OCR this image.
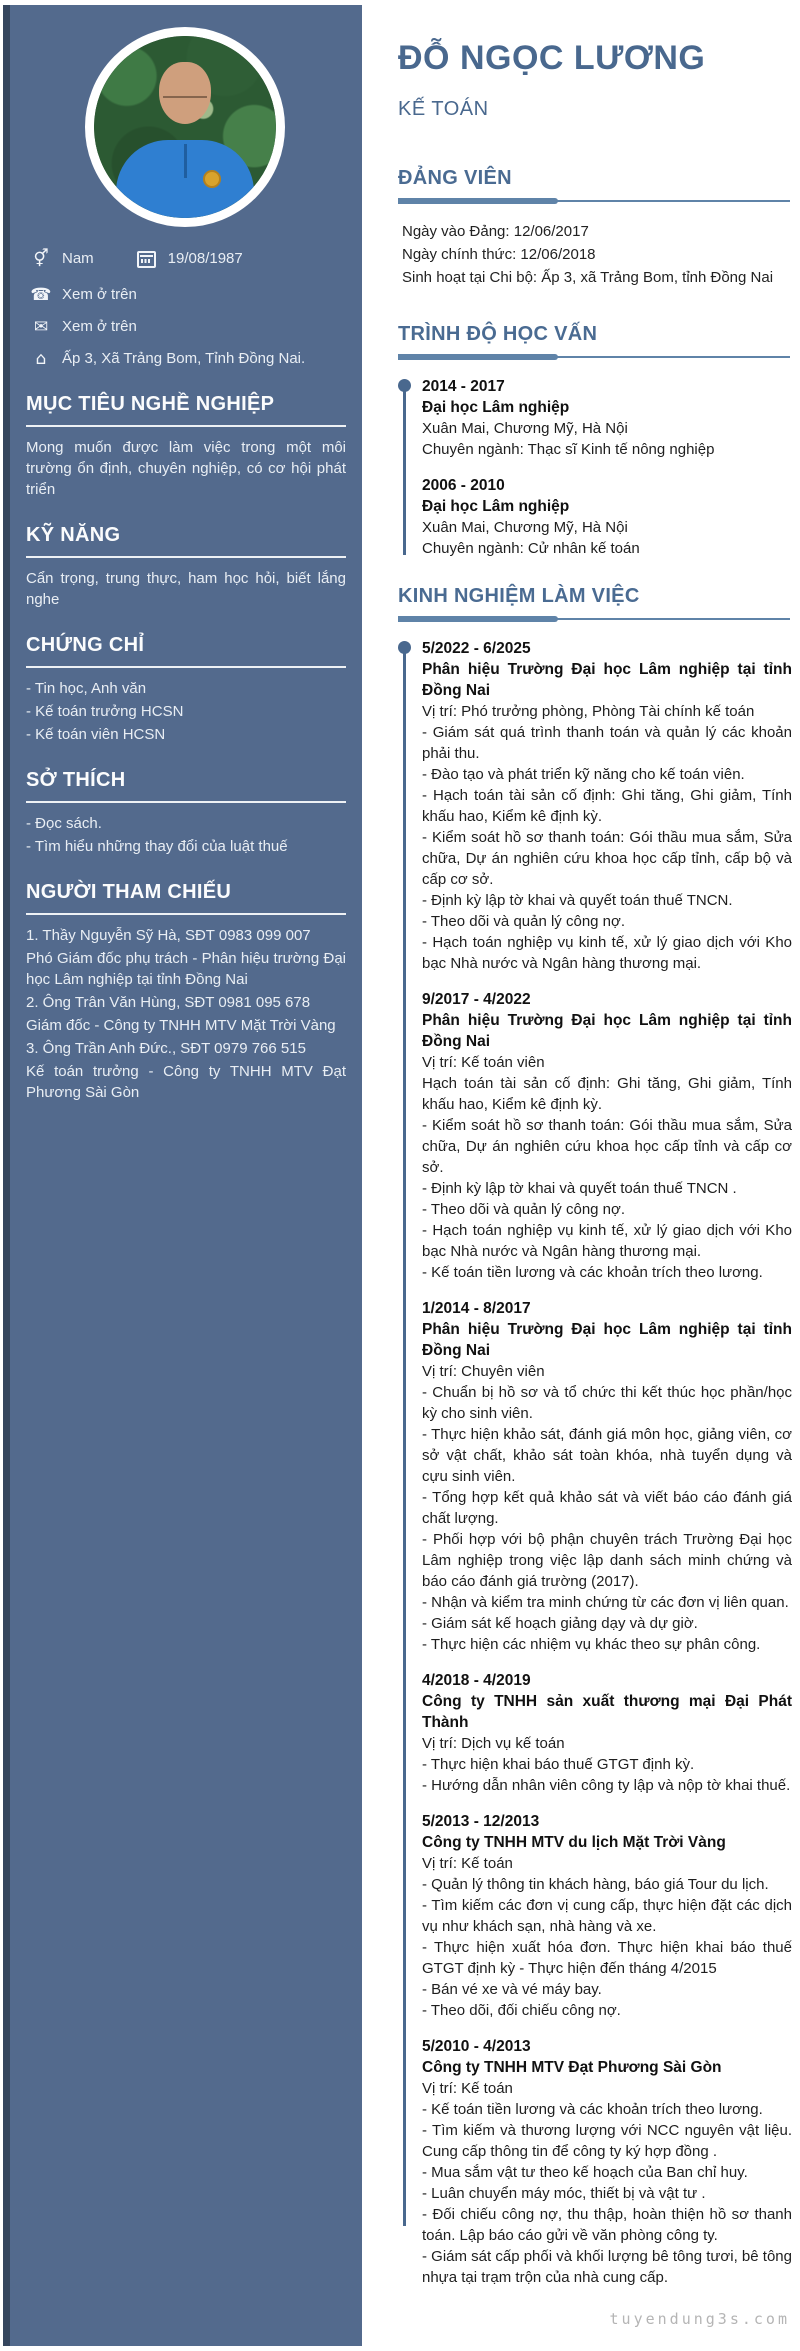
⚥ Nam	19/08/1987
☎ Xem ở trên
✉ Xem ở trên
⌂	Ấp 3, Xã Trảng Bom, Tỉnh Đồng Nai.
MỤC TIÊU NGHỀ NGHIỆP

Mong muốn được làm việc trong một môi trường ổn định, chuyên nghiệp, có cơ hội phát triển

KỸ NĂNG

Cẩn trọng, trung thực, ham học hỏi, biết lắng nghe

CHỨNG CHỈ

- Tin học, Anh văn

- Kế toán trưởng HCSN

- Kế toán viên HCSN

SỞ THÍCH

- Đọc sách.

- Tìm hiểu những thay đổi của luật thuế

NGƯỜI THAM CHIẾU

1. Thầy Nguyễn Sỹ Hà, SĐT 0983 099 007

Phó Giám đốc phụ trách - Phân hiệu trường Đại học Lâm nghiệp tại tỉnh Đồng Nai

2. Ông Trân Văn Hùng, SĐT 0981 095 678

Giám đốc - Công ty TNHH MTV Mặt Trời Vàng

3. Ông Trần Anh Đức., SĐT 0979 766 515

Kế toán trưởng - Công ty TNHH MTV Đạt Phương Sài Gòn

ĐỖ NGỌC LƯƠNG
KẾ TOÁN
ĐẢNG VIÊN

Ngày vào Đảng: 12/06/2017

Ngày chính thức: 12/06/2018

Sinh hoạt tại Chi bộ: Ấp 3, xã Trảng Bom, tỉnh Đồng Nai

TRÌNH ĐỘ HỌC VẤN

2014 - 2017

Đại học Lâm nghiệp

Xuân Mai, Chương Mỹ, Hà Nội

Chuyên ngành: Thạc sĩ Kinh tế nông nghiệp

2006 - 2010

Đại học Lâm nghiệp

Xuân Mai, Chương Mỹ, Hà Nội

Chuyên ngành: Cử nhân kế toán

KINH NGHIỆM LÀM VIỆC

5/2022 - 6/2025

Phân hiệu Trường Đại học Lâm nghiệp tại tỉnh Đồng Nai

Vị trí: Phó trưởng phòng, Phòng Tài chính kế toán

- Giám sát quá trình thanh toán và quản lý các khoản phải thu.

- Đào tạo và phát triển kỹ năng cho kế toán viên.

- Hạch toán tài sản cố định: Ghi tăng, Ghi giảm, Tính khấu hao, Kiểm kê định kỳ.

- Kiểm soát hồ sơ thanh toán: Gói thầu mua sắm, Sửa chữa, Dự án nghiên cứu khoa học cấp tỉnh, cấp bộ và cấp cơ sở.

- Định kỳ lập tờ khai và quyết toán thuế TNCN.

- Theo dõi và quản lý công nợ.

- Hạch toán nghiệp vụ kinh tế, xử lý giao dịch với Kho bạc Nhà nước và Ngân hàng thương mại.

9/2017 - 4/2022

Phân hiệu Trường Đại học Lâm nghiệp tại tỉnh Đồng Nai

Vị trí: Kế toán viên

Hạch toán tài sản cố định: Ghi tăng, Ghi giảm, Tính khấu hao, Kiểm kê định kỳ.

- Kiểm soát hồ sơ thanh toán: Gói thầu mua sắm, Sửa chữa, Dự án nghiên cứu khoa học cấp tỉnh và cấp cơ sở.

- Định kỳ lập tờ khai và quyết toán thuế TNCN .

- Theo dõi và quản lý công nợ.

- Hạch toán nghiệp vụ kinh tế, xử lý giao dịch với Kho bạc Nhà nước và Ngân hàng thương mại.

- Kế toán tiền lương và các khoản trích theo lương.

1/2014 - 8/2017

Phân hiệu Trường Đại học Lâm nghiệp tại tỉnh Đồng Nai

Vị trí: Chuyên viên

- Chuẩn bị hồ sơ và tổ chức thi kết thúc học phần/học kỳ cho sinh viên.

- Thực hiện khảo sát, đánh giá môn học, giảng viên, cơ sở vật chất, khảo sát toàn khóa, nhà tuyển dụng và cựu sinh viên.

- Tổng hợp kết quả khảo sát và viết báo cáo đánh giá chất lượng.

- Phối hợp với bộ phận chuyên trách Trường Đại học Lâm nghiệp trong việc lập danh sách minh chứng và báo cáo đánh giá trường (2017).

- Nhận và kiểm tra minh chứng từ các đơn vị liên quan.

- Giám sát kế hoạch giảng dạy và dự giờ.

- Thực hiện các nhiệm vụ khác theo sự phân công.

4/2018 - 4/2019

Công ty TNHH sản xuất thương mại Đại Phát Thành

Vị trí: Dịch vụ kế toán

- Thực hiện khai báo thuế GTGT định kỳ.

- Hướng dẫn nhân viên công ty lập và nộp tờ khai thuế.

5/2013 - 12/2013

Công ty TNHH MTV du lịch Mặt Trời Vàng

Vị trí: Kế toán

- Quản lý thông tin khách hàng, báo giá Tour du lịch.

- Tìm kiếm các đơn vị cung cấp, thực hiện đặt các dịch vụ như khách sạn, nhà hàng và xe.

- Thực hiện xuất hóa đơn. Thực hiện khai báo thuế GTGT định kỳ - Thực hiện đến tháng 4/2015

- Bán vé xe và vé máy bay.

- Theo dõi, đối chiếu công nợ.

5/2010 - 4/2013

Công ty TNHH MTV Đạt Phương Sài Gòn

Vị trí: Kế toán

- Kế toán tiền lương và các khoản trích theo lương.

- Tìm kiếm và thương lượng với NCC nguyên vật liệu. Cung cấp thông tin để công ty ký hợp đồng .

- Mua sắm vật tư theo kế hoạch của Ban chỉ huy.

- Luân chuyển máy móc, thiết bị và vật tư .

- Đối chiếu công nợ, thu thập, hoàn thiện hồ sơ thanh toán. Lập báo cáo gửi về văn phòng công ty.

- Giám sát cấp phối và khối lượng bê tông tươi, bê tông nhựa tại trạm trộn của nhà cung cấp.

tuyendung3s.com
